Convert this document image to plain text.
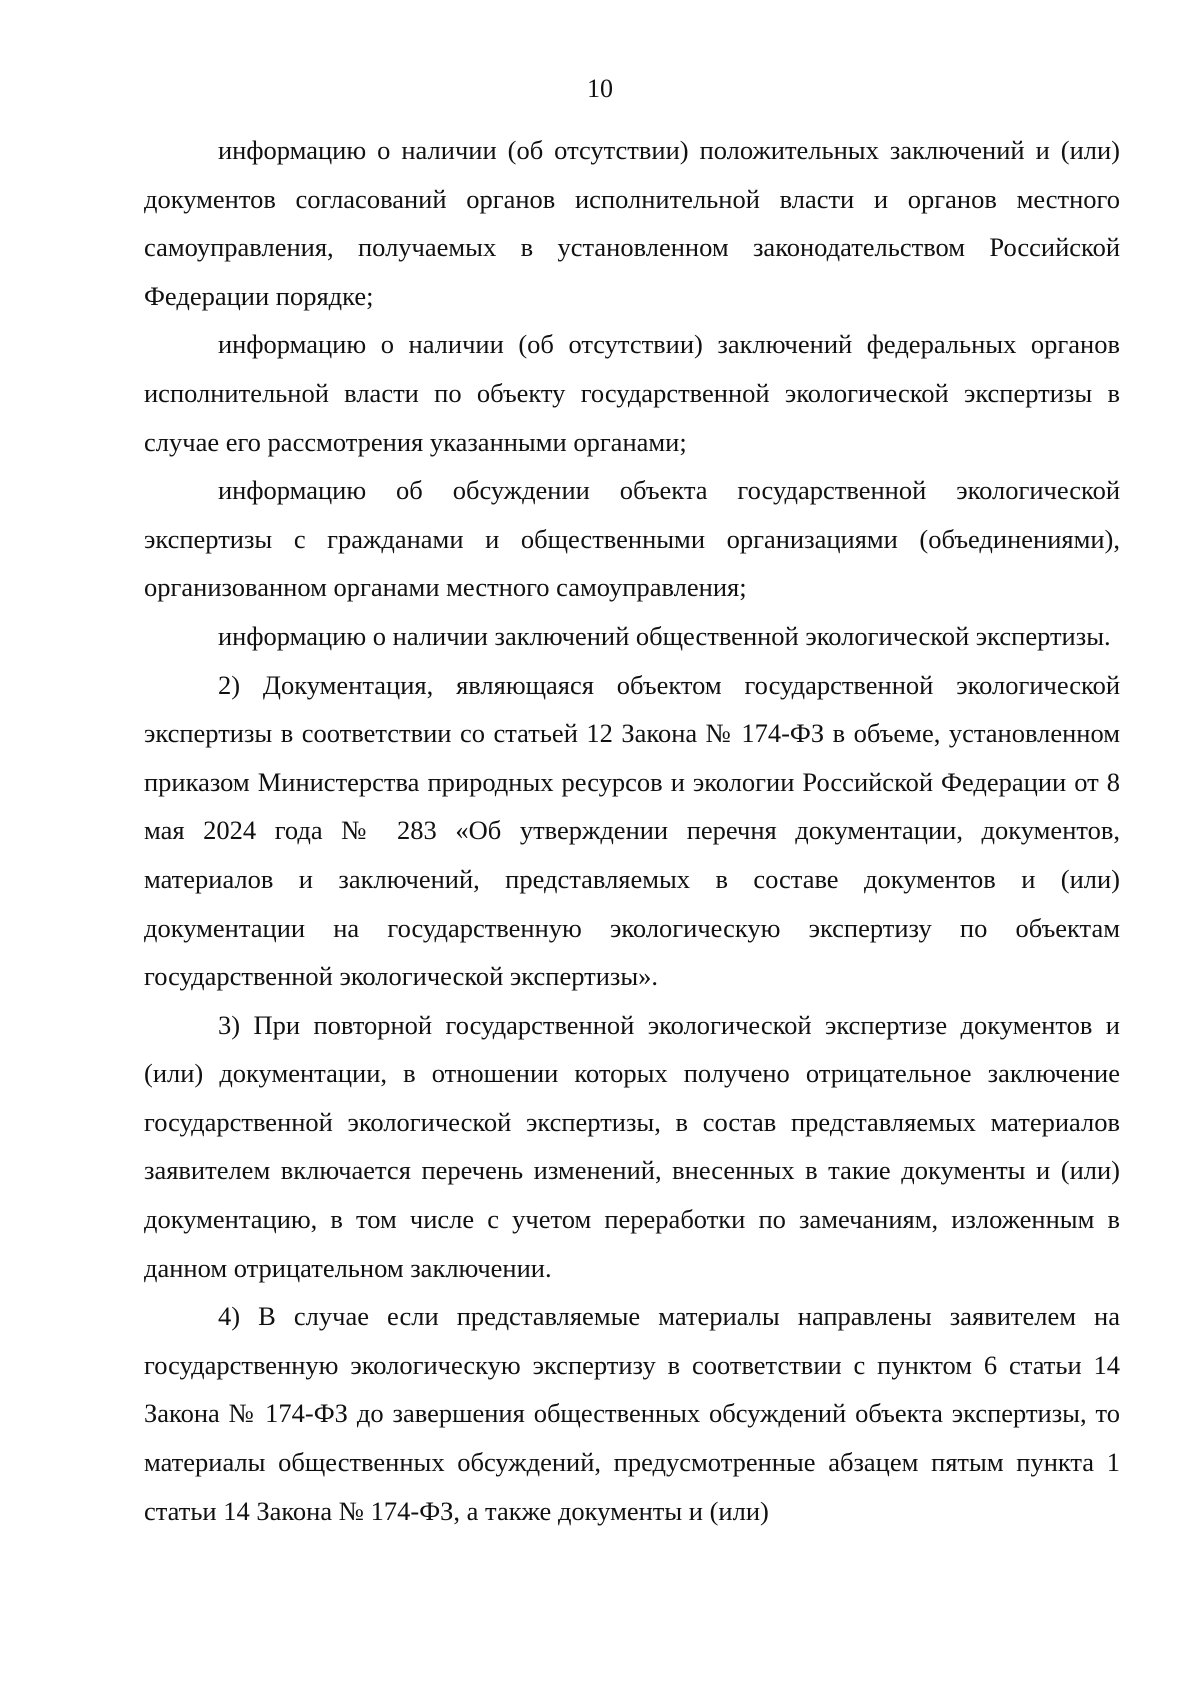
10

информацию о наличии (об отсутствии) положительных заключений и (или) документов согласований органов исполнительной власти и органов местного самоуправления, получаемых в установленном законодательством Российской Федерации порядке;

информацию о наличии (об отсутствии) заключений федеральных органов исполнительной власти по объекту государственной экологической экспертизы в случае его рассмотрения указанными органами;

информацию об обсуждении объекта государственной экологической экспертизы с гражданами и общественными организациями (объединениями), организованном органами местного самоуправления;

информацию о наличии заключений общественной экологической экспертизы.

2) Документация, являющаяся объектом государственной экологической экспертизы в соответствии со статьей 12 Закона № 174-ФЗ в объеме, установленном приказом Министерства природных ресурсов и экологии Российской Федерации от 8 мая 2024 года № 283 «Об утверждении перечня документации, документов, материалов и заключений, представляемых в составе документов и (или) документации на государственную экологическую экспертизу по объектам государственной экологической экспертизы».

3) При повторной государственной экологической экспертизе документов и (или) документации, в отношении которых получено отрицательное заключение государственной экологической экспертизы, в состав представляемых материалов заявителем включается перечень изменений, внесенных в такие документы и (или) документацию, в том числе с учетом переработки по замечаниям, изложенным в данном отрицательном заключении.

4) В случае если представляемые материалы направлены заявителем на государственную экологическую экспертизу в соответствии с пунктом 6 статьи 14 Закона № 174-ФЗ до завершения общественных обсуждений объекта экспертизы, то материалы общественных обсуждений, предусмотренные абзацем пятым пункта 1 статьи 14 Закона № 174-ФЗ, а также документы и (или)
